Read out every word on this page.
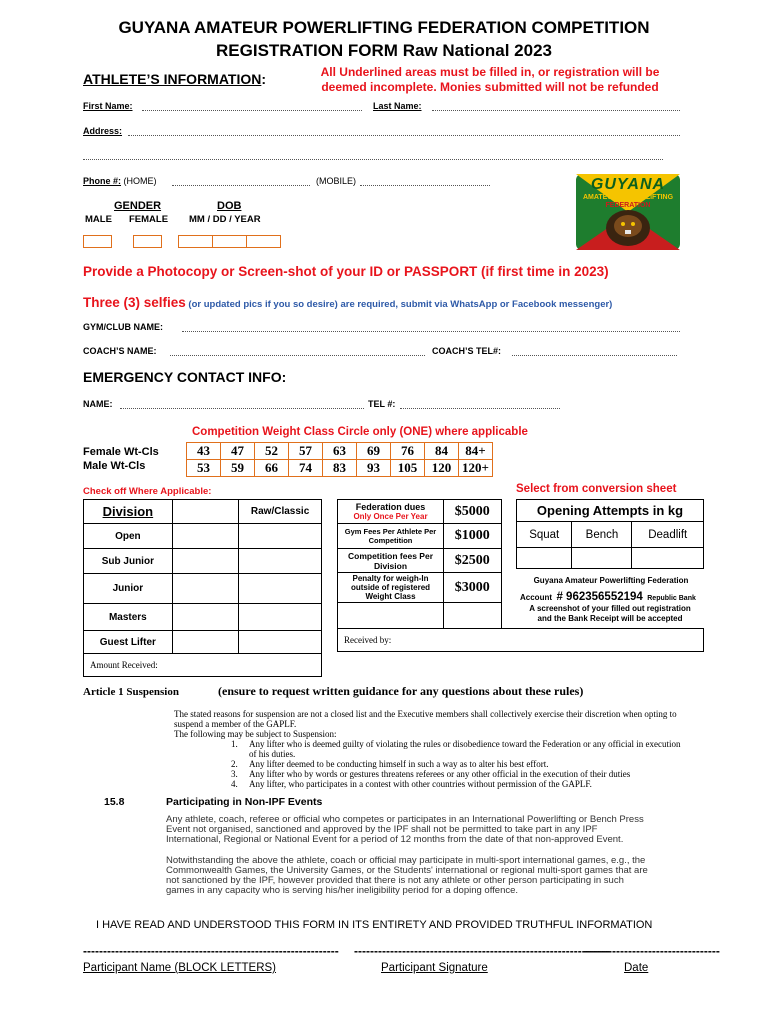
GUYANA AMATEUR POWERLIFTING FEDERATION COMPETITION
REGISTRATION FORM Raw National 2023
ATHLETE’S INFORMATION:	All Underlined areas must be filled in, or registration will be
deemed incomplete. Monies submitted will not be refunded
First Name:	Last Name:
Address:
Phone #: (HOME)	(MOBILE)
GENDER
MALE FEMALE
DOB
MM / DD / YEAR
GUYANA
AMATEUR POWERLIFTING
FEDERATION
Provide a Photocopy or Screen-shot of your ID or PASSPORT (if first time in 2023)
Three (3) selfies (or updated pics if you so desire) are required, submit via WhatsApp or Facebook messenger)
GYM/CLUB NAME:
COACH’S NAME:	COACH’S TEL#:
EMERGENCY CONTACT INFO:
NAME:	TEL #:
Competition Weight Class Circle only (ONE) where applicable
Female Wt-Cls
Male Wt-Cls
43	47	52	57	63	69	76	84	84+
53	59	66	74	83	93	105	120	120+
Check off Where Applicable:	Select from conversion sheet
Division		Raw/Classic
Open		
Sub Junior		
Junior		
Masters		
Guest Lifter		
Amount Received:		
Federation dues
Only Once Per Year	$5000	
Gym Fees Per Athlete Per Competition	$1000	
Competition fees Per Division	$2500	
Penalty for weigh-In outside of registered Weight Class	$3000	

Received by:		
Opening Attempts in kg		
Squat	Bench	Deadlift

Guyana Amateur Powerlifting Federation
Account # 962356552194 Republic Bank
A screenshot of your filled out registration
and the Bank Receipt will be accepted
Article 1 Suspension	(ensure to request written guidance for any questions about these rules)
The stated reasons for suspension are not a closed list and the Executive members shall collectively exercise their discretion when opting to suspend a member of the GAPLF.
The following may be subject to Suspension:
1. Any lifter who is deemed guilty of violating the rules or disobedience toward the Federation or any official in execution of his duties.
2. Any lifter deemed to be conducting himself in such a way as to alter his best effort.
3. Any lifter who by words or gestures threatens referees or any other official in the execution of their duties
4. Any lifter, who participates in a contest with other countries without permission of the GAPLF.
15.8	Participating in Non-IPF Events
Any athlete, coach, referee or official who competes or participates in an International Powerlifting or Bench Press Event not organised, sanctioned and approved by the IPF shall not be permitted to take part in any IPF International, Regional or National Event for a period of 12 months from the date of that non-approved Event.
Notwithstanding the above the athlete, coach or official may participate in multi-sport international games, e.g., the Commonwealth Games, the University Games, or the Students' international or regional multi-sport games that are not sanctioned by the IPF, however provided that there is not any athlete or other person participating in such games in any capacity who is serving his/her ineligibility period for a doping offence.
I HAVE READ AND UNDERSTOOD THIS FORM IN ITS ENTIRETY AND PROVIDED TRUTHFUL INFORMATION
---------------------------------------------------------------- ----------------------------------------------------------------
----------------------------------
Participant Name (BLOCK LETTERS)	Participant Signature	Date
